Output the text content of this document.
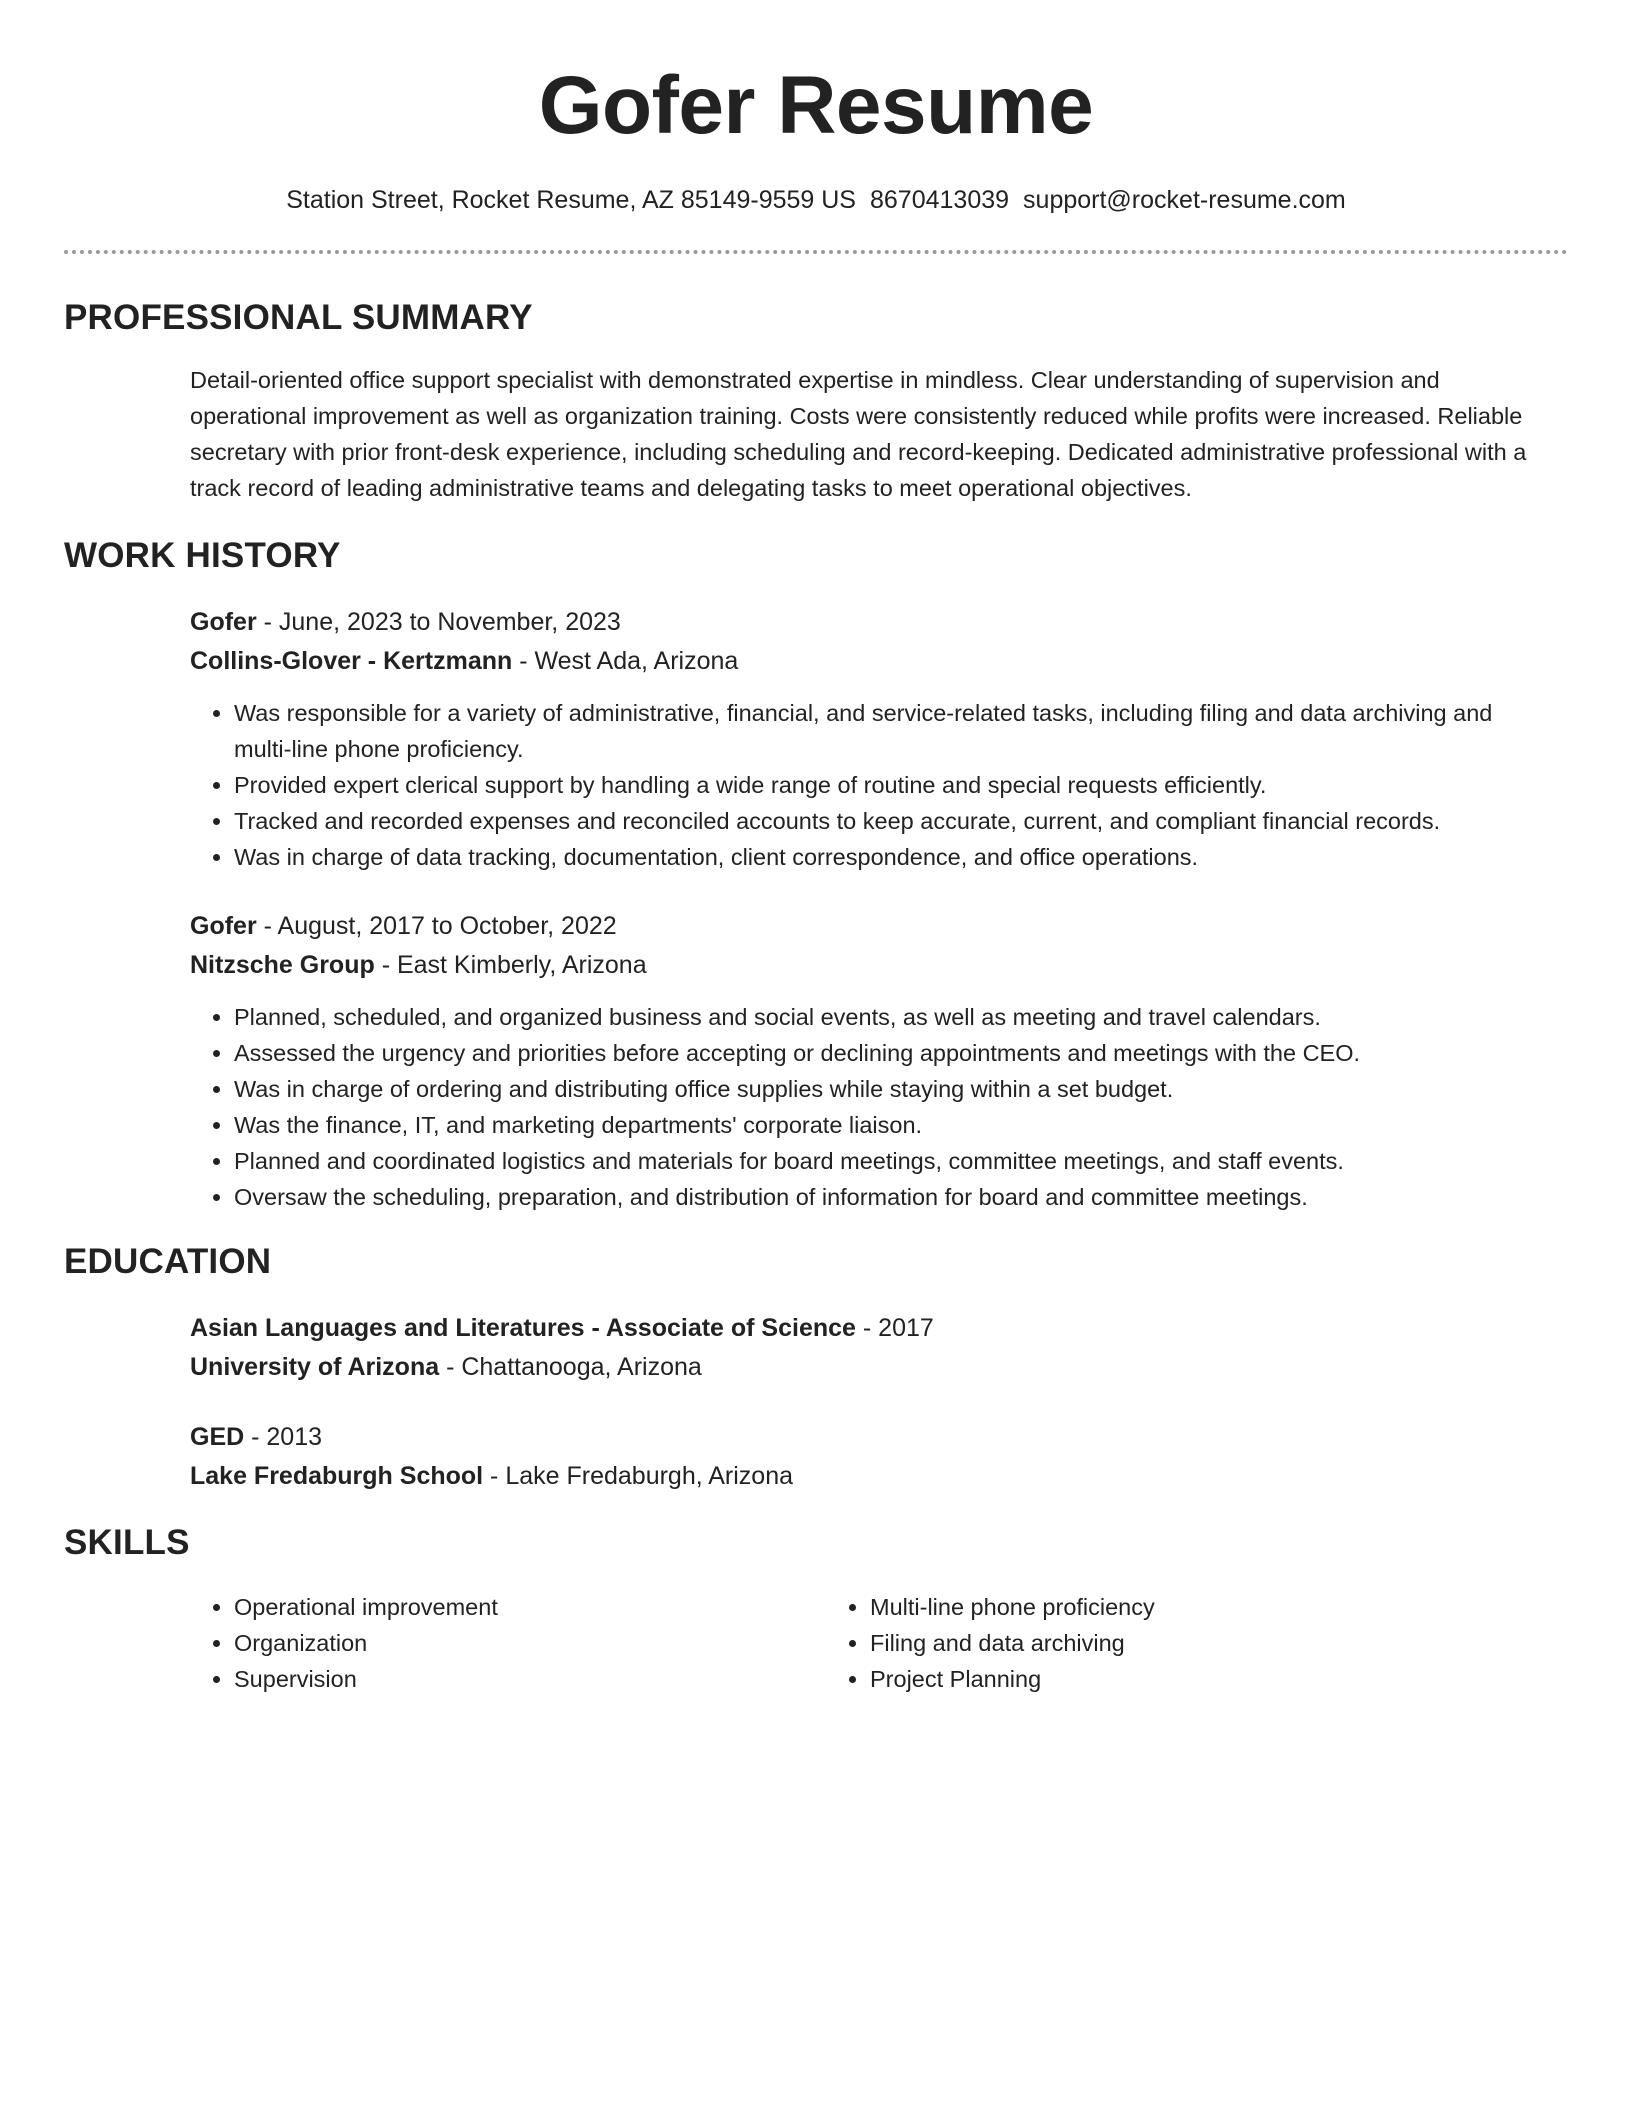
Gofer Resume
Station Street, Rocket Resume, AZ 85149-9559 US 8670413039 support@rocket-resume.com
PROFESSIONAL SUMMARY

Detail-oriented office support specialist with demonstrated expertise in mindless. Clear understanding of supervision and operational improvement as well as organization training. Costs were consistently reduced while profits were increased. Reliable secretary with prior front-desk experience, including scheduling and record-keeping. Dedicated administrative professional with a track record of leading administrative teams and delegating tasks to meet operational objectives.

WORK HISTORY

Gofer - June, 2023 to November, 2023

Collins-Glover - Kertzmann - West Ada, Arizona

• Was responsible for a variety of administrative, financial, and service-related tasks, including filing and data archiving and multi-line phone proficiency.
• Provided expert clerical support by handling a wide range of routine and special requests efficiently.
• Tracked and recorded expenses and reconciled accounts to keep accurate, current, and compliant financial records.
• Was in charge of data tracking, documentation, client correspondence, and office operations.

Gofer - August, 2017 to October, 2022

Nitzsche Group - East Kimberly, Arizona

• Planned, scheduled, and organized business and social events, as well as meeting and travel calendars.
• Assessed the urgency and priorities before accepting or declining appointments and meetings with the CEO.
• Was in charge of ordering and distributing office supplies while staying within a set budget.
• Was the finance, IT, and marketing departments' corporate liaison.
• Planned and coordinated logistics and materials for board meetings, committee meetings, and staff events.
• Oversaw the scheduling, preparation, and distribution of information for board and committee meetings.
EDUCATION

Asian Languages and Literatures - Associate of Science - 2017

University of Arizona - Chattanooga, Arizona

GED - 2013

Lake Fredaburgh School - Lake Fredaburgh, Arizona

SKILLS
• Operational improvement
• Organization
• Supervision
• Multi-line phone proficiency
• Filing and data archiving
• Project Planning
